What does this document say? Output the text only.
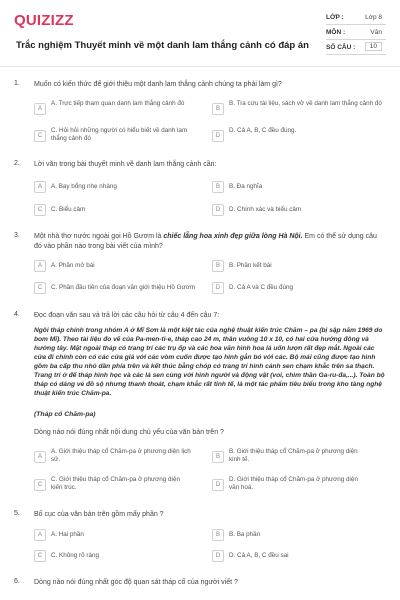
QUIZIZZ
Trắc nghiệm Thuyết minh về một danh lam thắng cảnh có đáp án
LỚP :	Lớp 8
MÔN :	Văn
SỐ CÂU :	10
1. Muốn có kiến thức để giới thiệu một danh lam thắng cảnh chúng ta phải làm gì?
A
A. Trực tiếp tham quan danh lam thắng cảnh đó
B
B. Tra cứu tài liệu, sách vở về danh lam thắng cảnh đó
C
C. Hỏi hỏi những người có hiểu biết về danh lam thắng cảnh đó	D
D. Cả A, B, C đều đúng.
2. Lời văn trong bài thuyết minh về danh lam thắng cảnh cần:
A	A. Bay bổng nhẹ nhàng	B	B. Đa nghĩa
C	C. Biểu cảm	D	D. Chính xác và biểu cảm
3. Một nhà thơ nước ngoài gọi Hồ Gươm là chiếc lẵng hoa xinh đẹp giữa lòng Hà Nội. Em có thể sử dụng câu đó vào phần nào trong bài viết của mình?
A	A. Phần mở bài	B	B. Phần kết bài
C	C. Phần đầu tiên của đoạn văn giới thiệu Hồ Gươm	D	D. Cả A và C đều đúng
4. Đọc đoạn văn sau và trả lời các câu hỏi từ câu 4 đến câu 7:
Ngôi tháp chính trong nhóm A ở Mĩ Sơn là một kiệt tác của nghệ thuật kiến trúc Chăm – pa (bị sập năm 1969 do bom Mĩ). Theo tài liệu đo vẽ của Pa-men-ti-e, tháp cao 24 m, thân vuông 10 x 10, có hai cửa hướng đông và hướng tây. Mặt ngoài tháp có trang trí các trụ ốp và các hoa văn hình hoa lá uốn lượn rất đẹp mắt. Ngoài các cửa đi chính còn có các cửa giả với các vòm cuốn được tạo hình gắn bó với các. Bộ mái cũng được tạo hình gồm ba cấp thu nhỏ dần phía trên và kết thúc bằng chóp có trang trí hình cánh sen chạm khắc trên sa thạch. Trang trí ở đế tháp hình học và các lá sen cùng với hình người và động vật (voi, chim thần Ga-ru-đa,...). Toàn bộ tháp có dáng vẻ đồ sộ nhưng thanh thoát, chạm khắc rất tinh tế, là một tác phẩm tiêu biểu trong kho tàng nghệ thuật kiến trúc Chăm-pa.
(Tháp cổ Chăm-pa)
Dòng nào nói đúng nhất nội dung chủ yếu của văn bản trên ?
A
A. Giới thiệu tháp cổ Chăm-pa ở phương diện lịch sử.	B
B. Giới thiệu tháp cổ Chăm-pa ở phương diện kinh tế.
C
C. Giới thiệu tháp cổ Chăm-pa ở phương diện kiến trúc.	D
D. Giới thiệu tháp cổ Chăm-pa ở phương diện văn hoá.
5. Bố cục của văn bản trên gồm mấy phần ?
A	A. Hai phần	B	B. Ba phần
C	C. Không rõ ràng	D	D. Cả A, B, C đều sai
6. Dòng nào nói đúng nhất góc độ quan sát tháp cổ của người viết ?
